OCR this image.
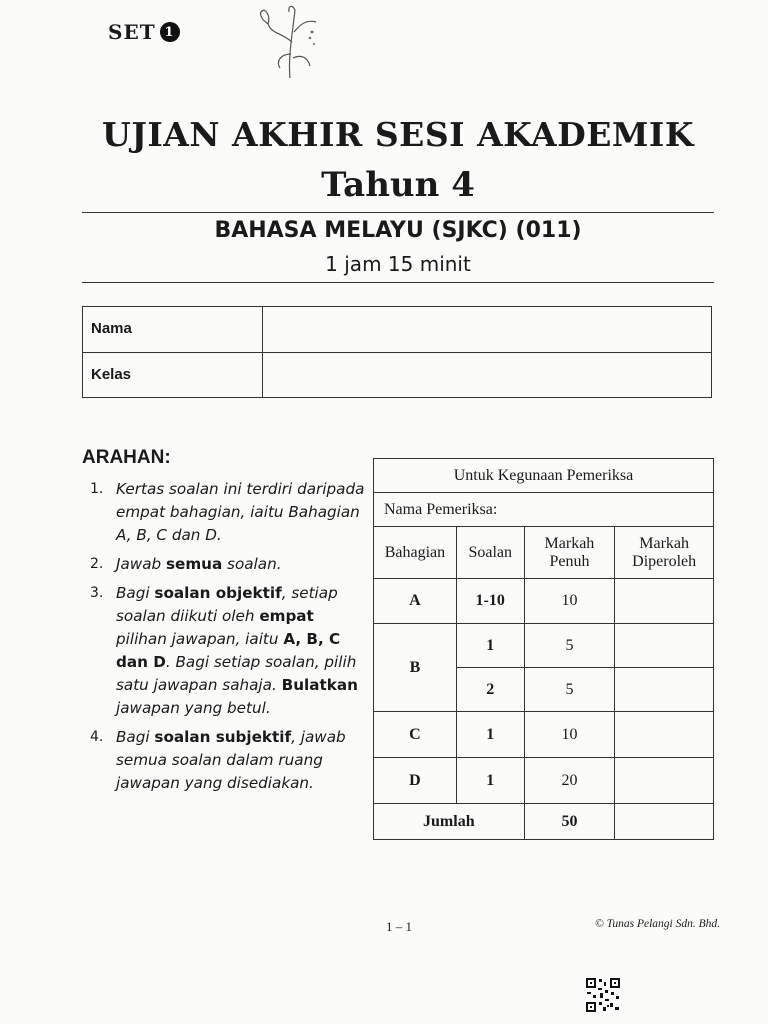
SET 1
UJIAN AKHIR SESI AKADEMIK
Tahun 4
BAHASA MELAYU (SJKC) (011)
1 jam 15 minit
Nama
Kelas
ARAHAN:
1. Kertas soalan ini terdiri daripada empat bahagian, iaitu Bahagian A, B, C dan D.
2. Jawab semua soalan.
3. Bagi soalan objektif, setiap soalan diikuti oleh empat pilihan jawapan, iaitu A, B, C dan D. Bagi setiap soalan, pilih satu jawapan sahaja. Bulatkan jawapan yang betul.
4. Bagi soalan subjektif, jawab semua soalan dalam ruang jawapan yang disediakan.
Untuk Kegunaan Pemeriksa			
Nama Pemeriksa:			
Bahagian	Soalan	Markah Penuh	Markah Diperoleh
A	1-10	10	
B	1	5	
	2	5	
C	1	10	
D	1	20	
Jumlah		50	
1 – 1	© Tunas Pelangi Sdn. Bhd.
